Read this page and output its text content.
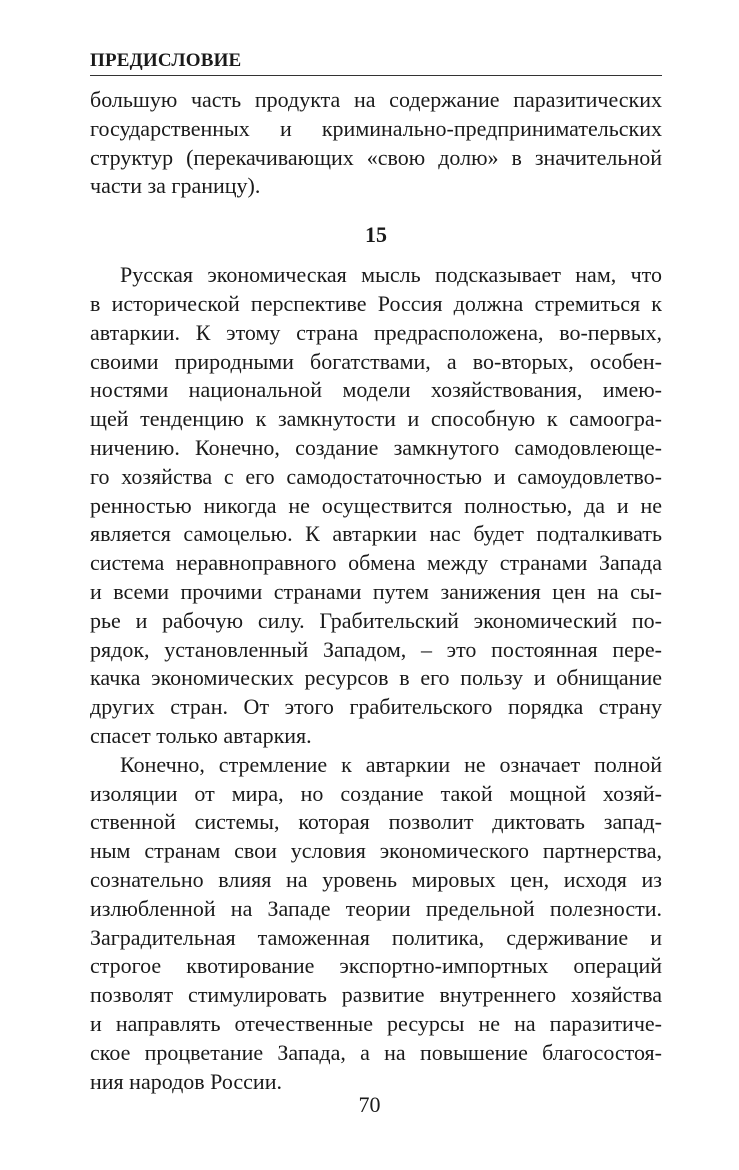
ПРЕДИСЛОВИЕ
большую часть продукта на содержание паразитических
государственных и криминально-предпринимательских
структур (перекачивающих «свою долю» в значительной
части за границу).
15
Русская экономическая мысль подсказывает нам, что
в исторической перспективе Россия должна стремиться к
автаркии. К этому страна предрасположена, во-первых,
своими природными богатствами, а во-вторых, особен-
ностями национальной модели хозяйствования, имею-
щей тенденцию к замкнутости и способную к самоогра-
ничению. Конечно, создание замкнутого самодовлеюще-
го хозяйства с его самодостаточностью и самоудовлетво-
ренностью никогда не осуществится полностью, да и не
является самоцелью. К автаркии нас будет подталкивать
система неравноправного обмена между странами Запада
и всеми прочими странами путем занижения цен на сы-
рье и рабочую силу. Грабительский экономический по-
рядок, установленный Западом, – это постоянная пере-
качка экономических ресурсов в его пользу и обнищание
других стран. От этого грабительского порядка страну
спасет только автаркия.
Конечно, стремление к автаркии не означает полной
изоляции от мира, но создание такой мощной хозяй-
ственной системы, которая позволит диктовать запад-
ным странам свои условия экономического партнерства,
сознательно влияя на уровень мировых цен, исходя из
излюбленной на Западе теории предельной полезности.
Заградительная таможенная политика, сдерживание и
строгое квотирование экспортно-импортных операций
позволят стимулировать развитие внутреннего хозяйства
и направлять отечественные ресурсы не на паразитиче-
ское процветание Запада, а на повышение благосостоя-
ния народов России.
70
